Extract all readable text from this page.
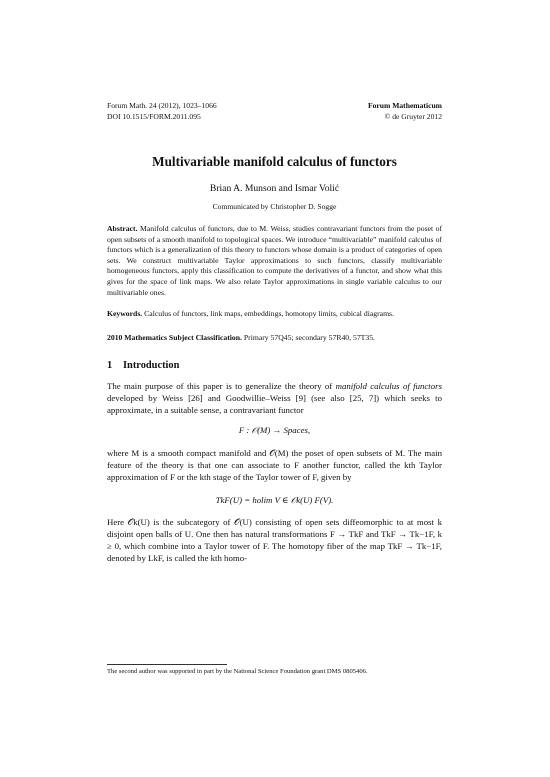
Forum Math. 24 (2012), 1023–1066	Forum Mathematicum
DOI 10.1515/FORM.2011.095	© de Gruyter 2012
Multivariable manifold calculus of functors
Brian A. Munson and Ismar Volić
Communicated by Christopher D. Sogge
Abstract. Manifold calculus of functors, due to M. Weiss, studies contravariant functors from the poset of open subsets of a smooth manifold to topological spaces. We introduce “multivariable” manifold calculus of functors which is a generalization of this theory to functors whose domain is a product of categories of open sets. We construct multivariable Taylor approximations to such functors, classify multivariable homogeneous functors, apply this classification to compute the derivatives of a functor, and show what this gives for the space of link maps. We also relate Taylor approximations in single variable calculus to our multivariable ones.
Keywords. Calculus of functors, link maps, embeddings, homotopy limits, cubical diagrams.
2010 Mathematics Subject Classification. Primary 57Q45; secondary 57R40, 57T35.
1 Introduction
The main purpose of this paper is to generalize the theory of manifold calculus of functors developed by Weiss [26] and Goodwillie–Weiss [9] (see also [25, 7]) which seeks to approximate, in a suitable sense, a contravariant functor
F : 𝒪(M) → Spaces,
where M is a smooth compact manifold and 𝒪(M) the poset of open subsets of M. The main feature of the theory is that one can associate to F another functor, called the kth Taylor approximation of F or the kth stage of the Taylor tower of F, given by
TkF(U) = holim V ∈ 𝒪k(U) F(V).
Here 𝒪k(U) is the subcategory of 𝒪(U) consisting of open sets diffeomorphic to at most k disjoint open balls of U. One then has natural transformations F → TkF and TkF → Tk−1F, k ≥ 0, which combine into a Taylor tower of F. The homotopy fiber of the map TkF → Tk−1F, denoted by LkF, is called the kth homo-
The second author was supported in part by the National Science Foundation grant DMS 0805406.
